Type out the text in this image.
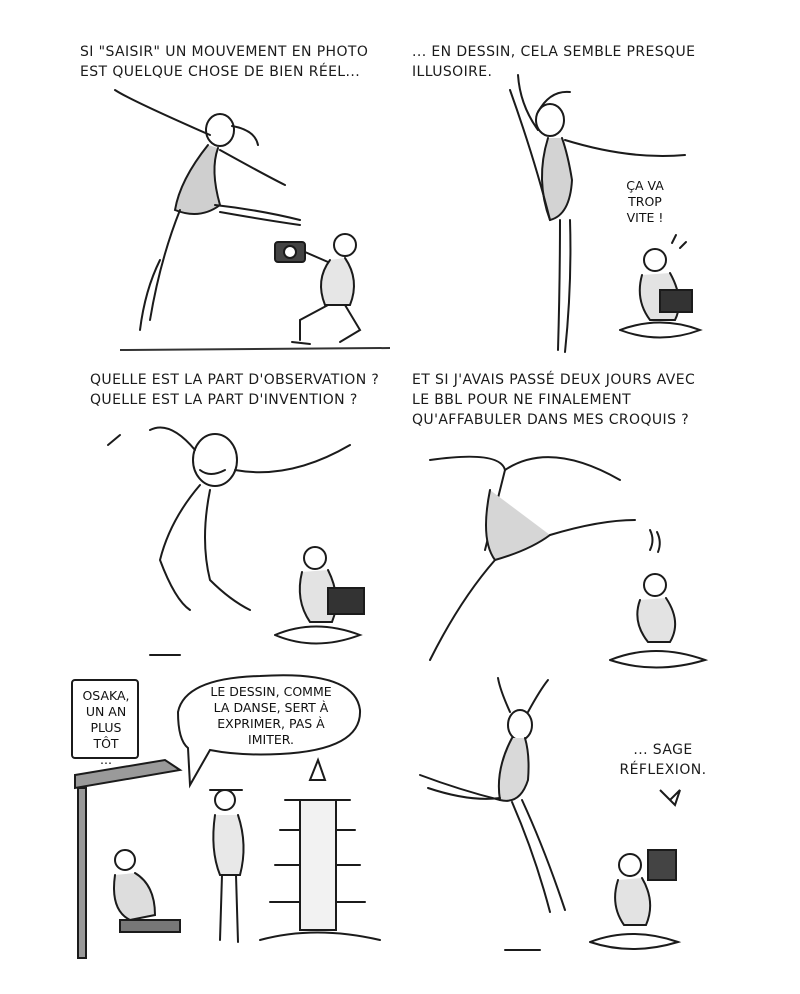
SI "SAISIR" UN MOUVEMENT EN PHOTO
EST QUELQUE CHOSE DE BIEN RÉEL...
... EN DESSIN, CELA SEMBLE PRESQUE
ILLUSOIRE.
ÇA VA
TROP
VITE !
QUELLE EST LA PART D'OBSERVATION ?
QUELLE EST LA PART D'INVENTION ?
ET SI J'AVAIS PASSÉ DEUX JOURS AVEC
LE BBL POUR NE FINALEMENT
QU'AFFABULER DANS MES CROQUIS ?
OSAKA,
UN AN
PLUS TÔT
...
LE DESSIN, COMME
LA DANSE, SERT À
EXPRIMER, PAS À
IMITER.
... SAGE
RÉFLEXION.
